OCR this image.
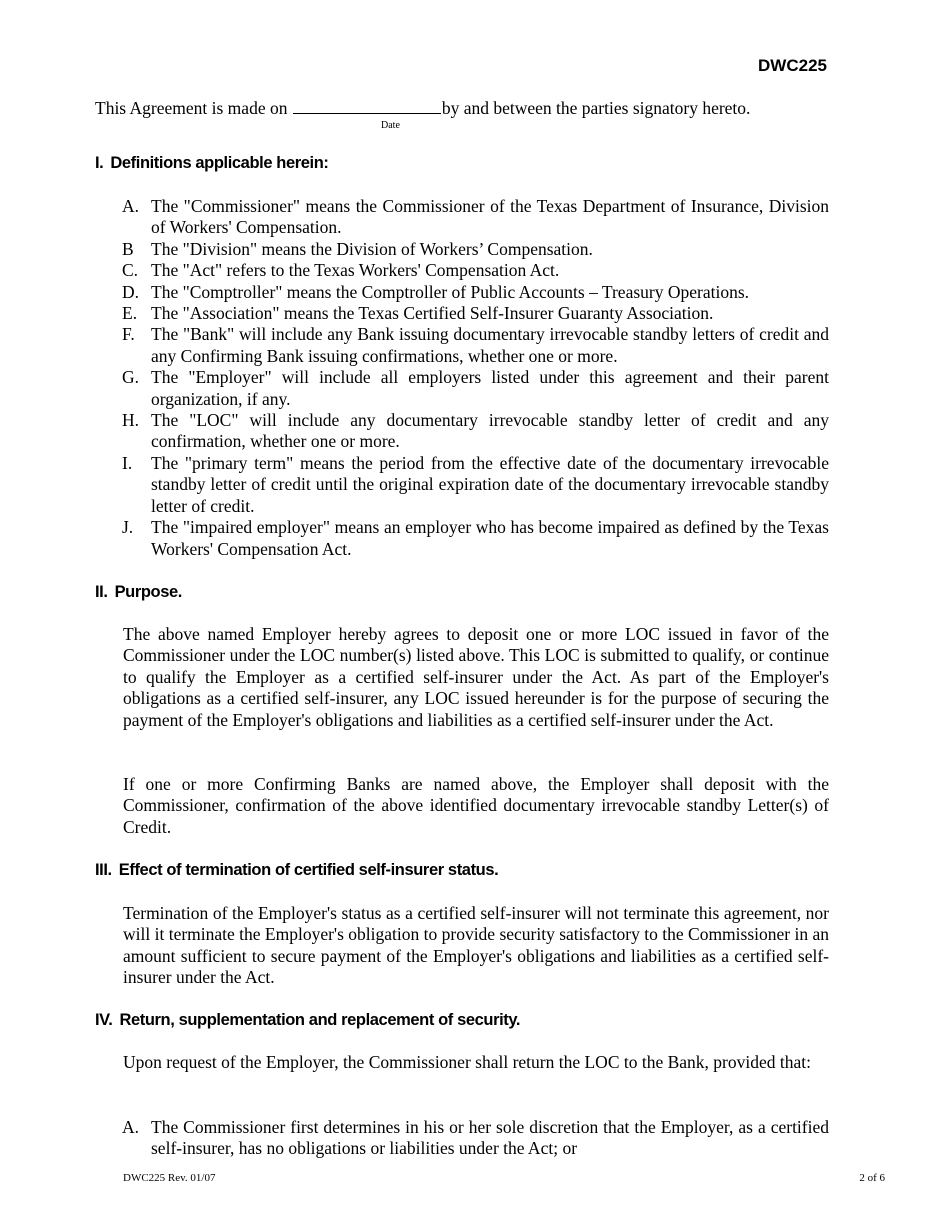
DWC225
This Agreement is made on	by and between the parties signatory hereto.
Date
I. Definitions applicable herein:
A. The "Commissioner" means the Commissioner of the Texas Department of Insurance, Division of Workers' Compensation.
B The "Division" means the Division of Workers’ Compensation.
C. The "Act" refers to the Texas Workers' Compensation Act.
D. The "Comptroller" means the Comptroller of Public Accounts – Treasury Operations.
E. The "Association" means the Texas Certified Self-Insurer Guaranty Association.
F. The "Bank" will include any Bank issuing documentary irrevocable standby letters of credit and any Confirming Bank issuing confirmations, whether one or more.
G. The "Employer" will include all employers listed under this agreement and their parent organization, if any.
H. The "LOC" will include any documentary irrevocable standby letter of credit and any confirmation, whether one or more.
I.	The "primary term" means the period from the effective date of the documentary irrevocable standby letter of credit until the original expiration date of the documentary irrevocable standby letter of credit.
J.	The "impaired employer" means an employer who has become impaired as defined by the Texas Workers' Compensation Act.
II. Purpose.

The above named Employer hereby agrees to deposit one or more LOC issued in favor of the Commissioner under the LOC number(s) listed above. This LOC is submitted to qualify, or continue to qualify the Employer as a certified self-insurer under the Act. As part of the Employer's obligations as a certified self-insurer, any LOC issued hereunder is for the purpose of securing the payment of the Employer's obligations and liabilities as a certified self-insurer under the Act.

If one or more Confirming Banks are named above, the Employer shall deposit with the Commissioner, confirmation of the above identified documentary irrevocable standby Letter(s) of Credit.

III. Effect of termination of certified self-insurer status.

Termination of the Employer's status as a certified self-insurer will not terminate this agreement, nor will it terminate the Employer's obligation to provide security satisfactory to the Commissioner in an amount sufficient to secure payment of the Employer's obligations and liabilities as a certified self-insurer under the Act.

IV. Return, supplementation and replacement of security.

Upon request of the Employer, the Commissioner shall return the LOC to the Bank, provided that:

A. The Commissioner first determines in his or her sole discretion that the Employer, as a certified self-insurer, has no obligations or liabilities under the Act; or
DWC225 Rev. 01/07	2 of 6
